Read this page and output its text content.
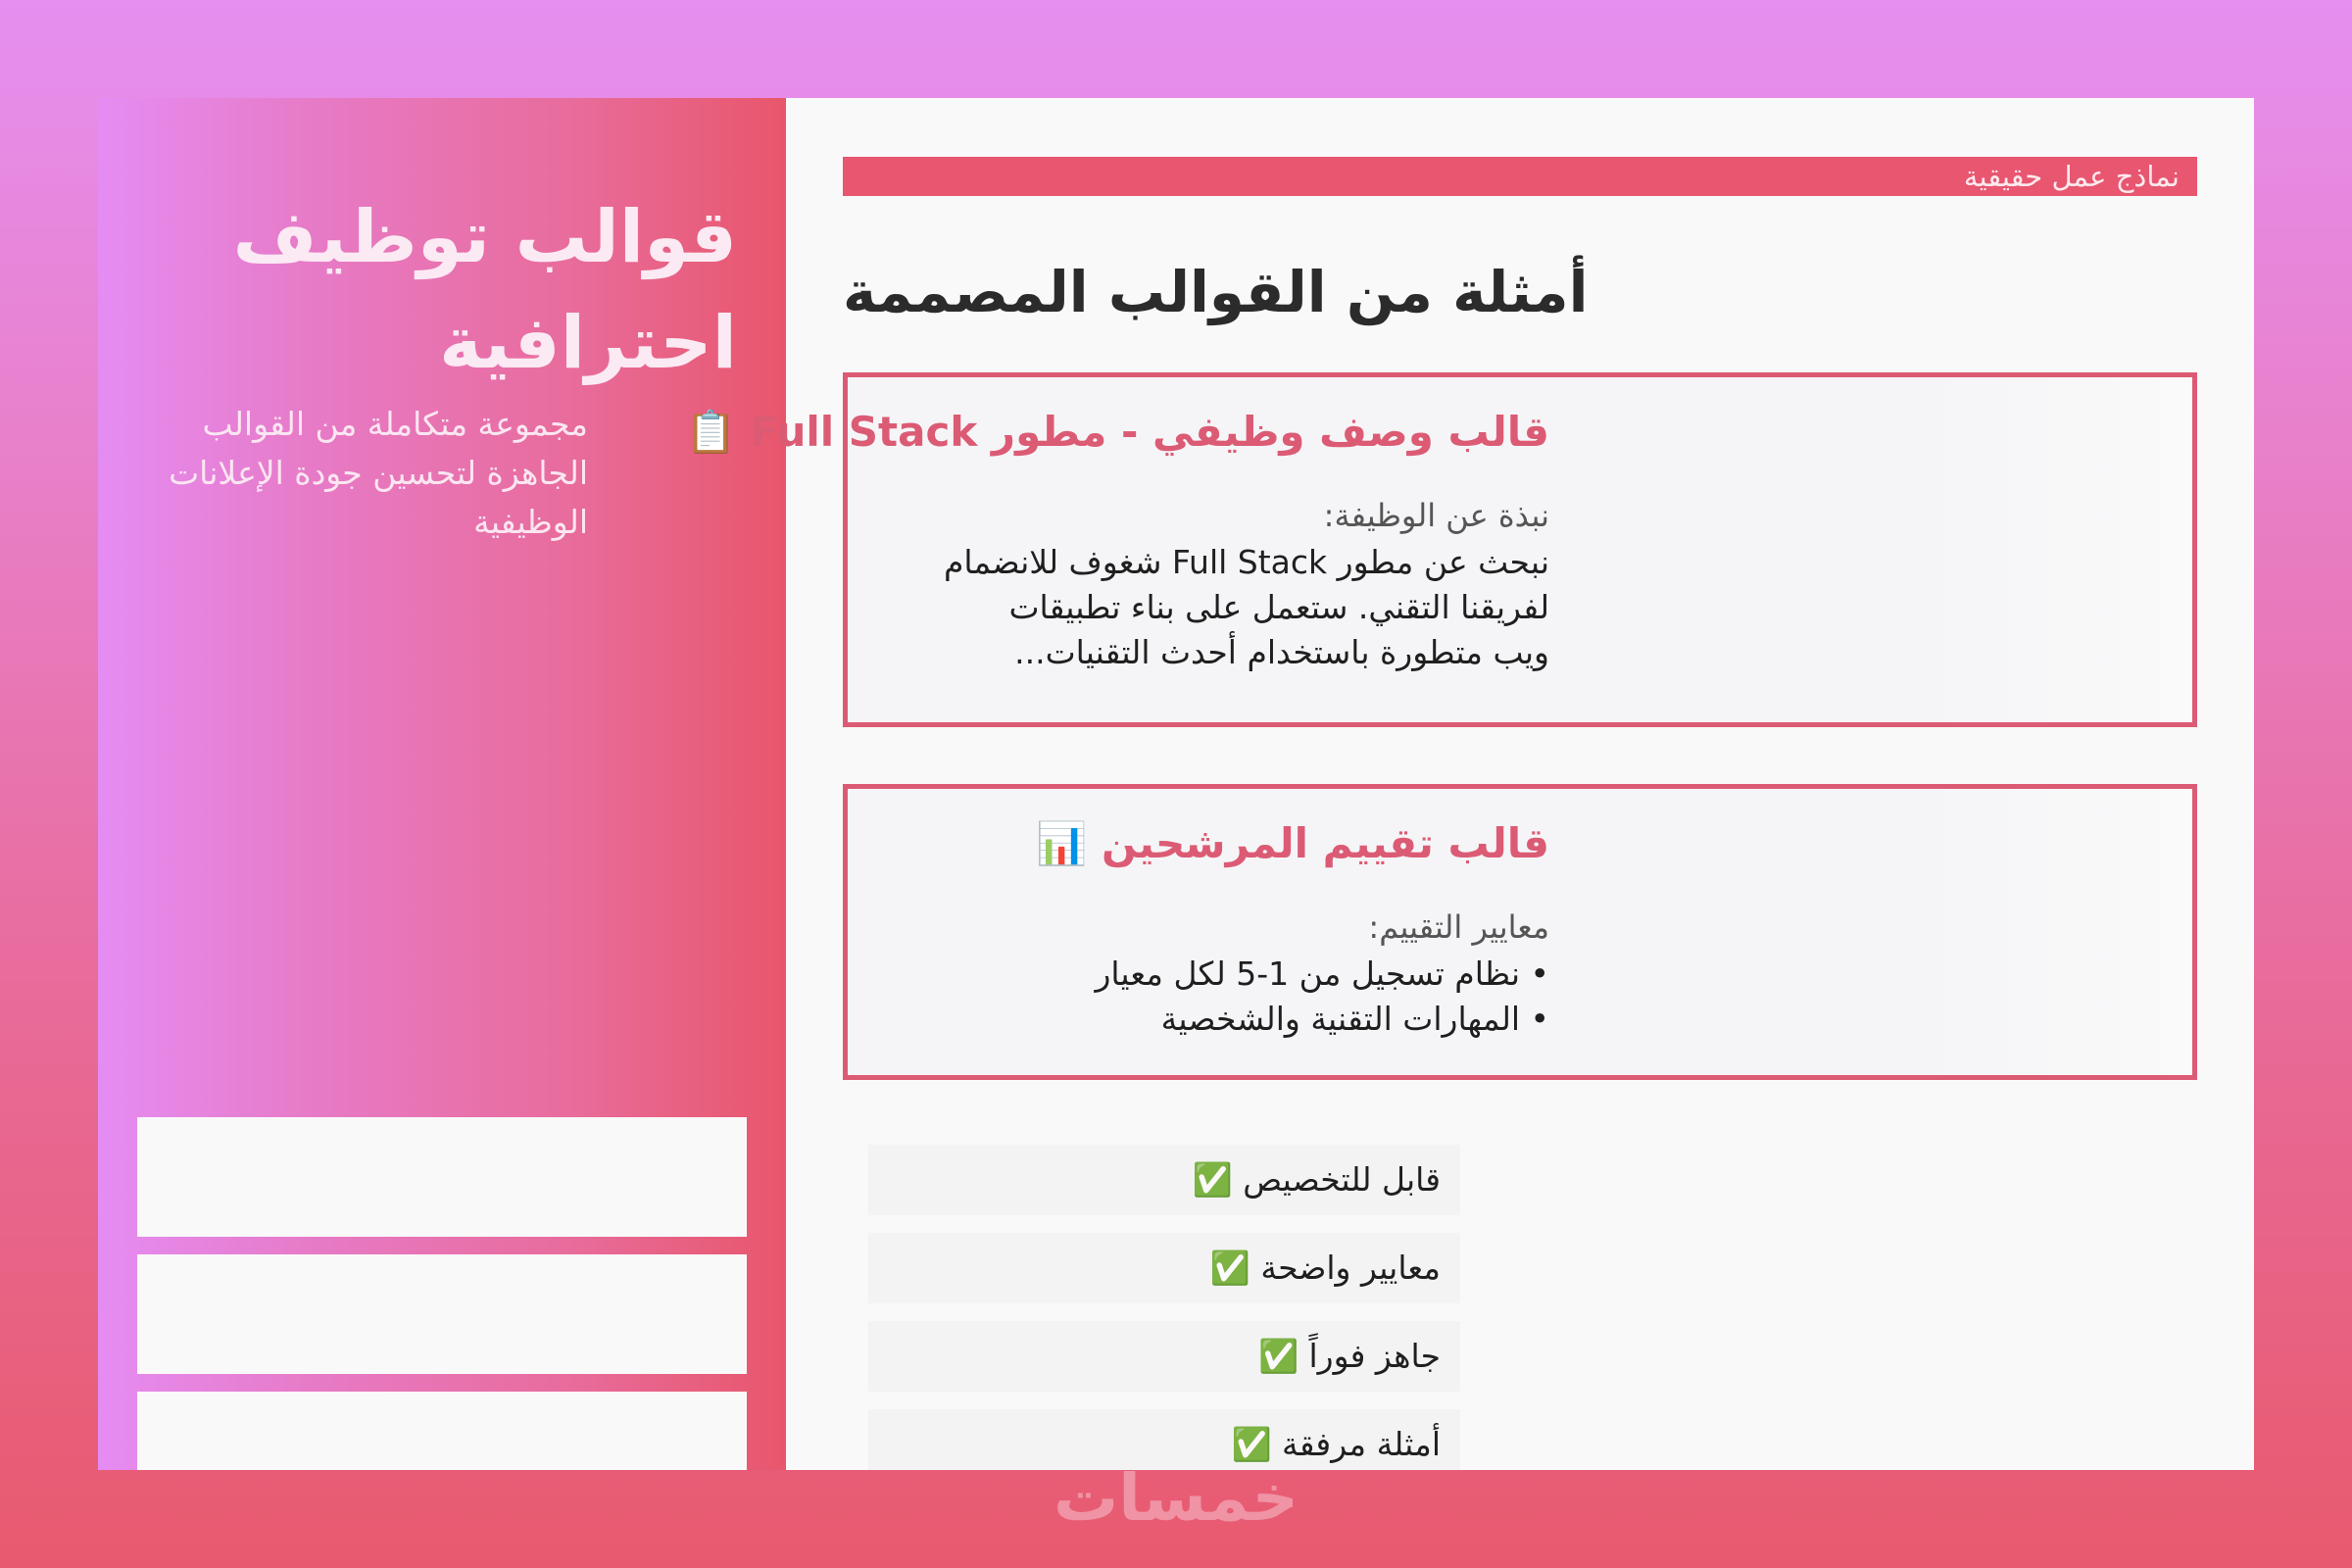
قوالب توظيف احترافية
مجموعة متكاملة من القوالب الجاهزة لتحسين جودة الإعلانات الوظيفية
نماذج عمل حقيقية
أمثلة من القوالب المصممة
قالب وصف وظيفي - مطور Full Stack 📋
نبذة عن الوظيفة:
نبحث عن مطور Full Stack شغوف للانضمام
لفريقنا التقني. ستعمل على بناء تطبيقات
ويب متطورة باستخدام أحدث التقنيات...
قالب تقييم المرشحين 📊
معايير التقييم:
• نظام تسجيل من 1-5 لكل معيار
• المهارات التقنية والشخصية
قابل للتخصيص ✅
معايير واضحة ✅
جاهز فوراً ✅
أمثلة مرفقة ✅
خمسات
